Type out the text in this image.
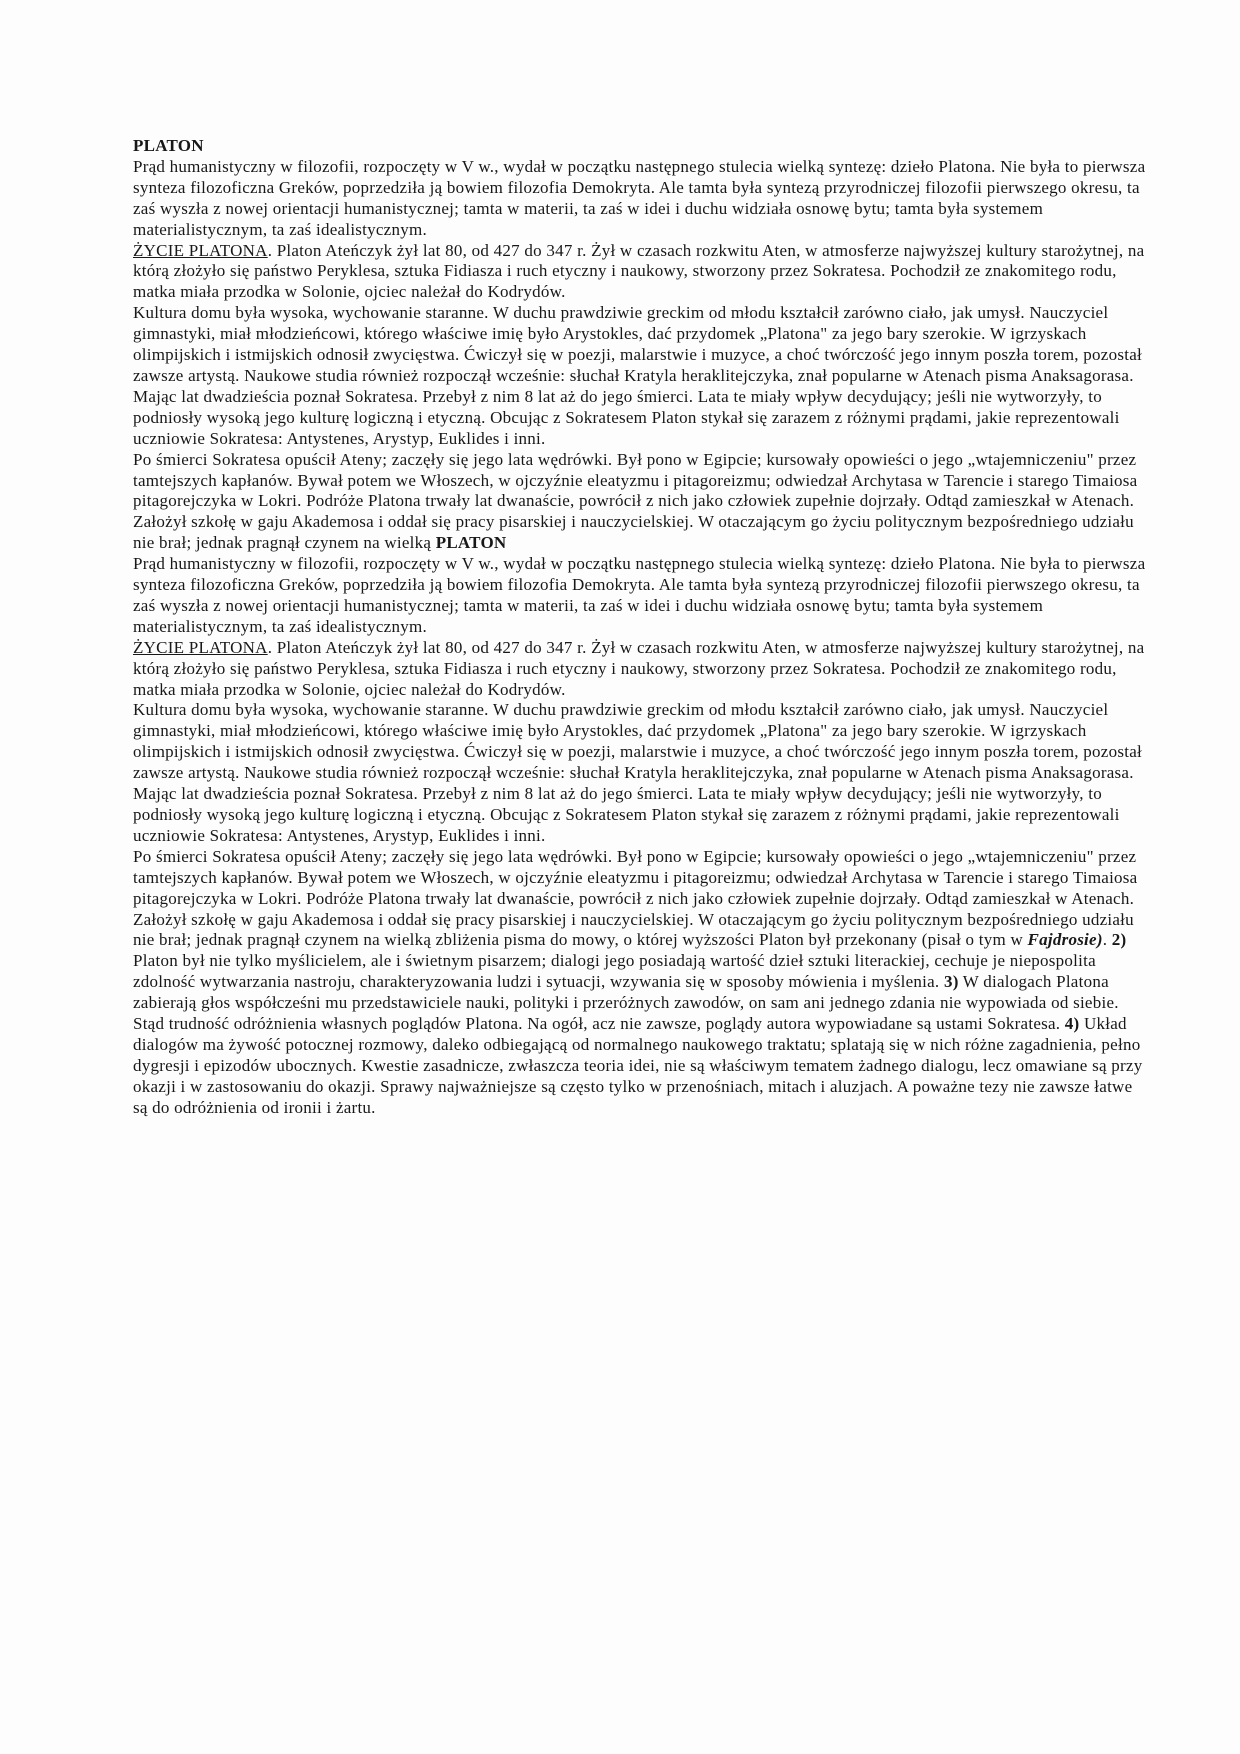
PLATON

Prąd humanistyczny w filozofii, rozpoczęty w V w., wydał w początku następnego stulecia wielką syntezę: dzieło Platona. Nie była to pierwsza synteza filozoficzna Greków, poprzedziła ją bowiem filozofia Demokryta. Ale tamta była syntezą przyrodniczej filozofii pierwszego okresu, ta zaś wyszła z nowej orientacji humanistycznej; tamta w materii, ta zaś w idei i duchu widziała osnowę bytu; tamta była systemem materialistycznym, ta zaś idealistycznym.

ŻYCIE PLATONA. Platon Ateńczyk żył lat 80, od 427 do 347 r. Żył w czasach rozkwitu Aten, w atmosferze najwyższej kultury starożytnej, na którą złożyło się państwo Peryklesa, sztuka Fidiasza i ruch etyczny i naukowy, stworzony przez Sokratesa. Pochodził ze znakomitego rodu, matka miała przodka w Solonie, ojciec należał do Kodrydów.

Kultura domu była wysoka, wychowanie staranne. W duchu prawdziwie greckim od młodu kształcił zarówno ciało, jak umysł. Nauczyciel gimnastyki, miał młodzieńcowi, którego właściwe imię było Arystokles, dać przydomek „Platona" za jego bary szerokie. W igrzyskach olimpijskich i istmijskich odnosił zwycięstwa. Ćwiczył się w poezji, malarstwie i muzyce, a choć twórczość jego innym poszła torem, pozostał zawsze artystą. Naukowe studia również rozpoczął wcześnie: słuchał Kratyla heraklitejczyka, znał popularne w Atenach pisma Anaksagorasa. Mając lat dwadzieścia poznał Sokratesa. Przebył z nim 8 lat aż do jego śmierci. Lata te miały wpływ decydujący; jeśli nie wytworzyły, to podniosły wysoką jego kulturę logiczną i etyczną. Obcując z Sokratesem Platon stykał się zarazem z różnymi prądami, jakie reprezentowali uczniowie Sokratesa: Antystenes, Arystyp, Euklides i inni.

Po śmierci Sokratesa opuścił Ateny; zaczęły się jego lata wędrówki. Był pono w Egipcie; kursowały opowieści o jego „wtajemniczeniu" przez tamtejszych kapłanów. Bywał potem we Włoszech, w ojczyźnie eleatyzmu i pitagoreizmu; odwiedzał Archytasa w Tarencie i starego Timaiosa pitagorejczyka w Lokri. Podróże Platona trwały lat dwanaście, powrócił z nich jako człowiek zupełnie dojrzały. Odtąd zamieszkał w Atenach. Założył szkołę w gaju Akademosa i oddał się pracy pisarskiej i nauczycielskiej. W otaczającym go życiu politycznym bezpośredniego udziału nie brał; jednak pragnął czynem na wielką PLATON

Prąd humanistyczny w filozofii, rozpoczęty w V w., wydał w początku następnego stulecia wielką syntezę: dzieło Platona. Nie była to pierwsza synteza filozoficzna Greków, poprzedziła ją bowiem filozofia Demokryta. Ale tamta była syntezą przyrodniczej filozofii pierwszego okresu, ta zaś wyszła z nowej orientacji humanistycznej; tamta w materii, ta zaś w idei i duchu widziała osnowę bytu; tamta była systemem materialistycznym, ta zaś idealistycznym.

ŻYCIE PLATONA. Platon Ateńczyk żył lat 80, od 427 do 347 r. Żył w czasach rozkwitu Aten, w atmosferze najwyższej kultury starożytnej, na którą złożyło się państwo Peryklesa, sztuka Fidiasza i ruch etyczny i naukowy, stworzony przez Sokratesa. Pochodził ze znakomitego rodu, matka miała przodka w Solonie, ojciec należał do Kodrydów.

Kultura domu była wysoka, wychowanie staranne. W duchu prawdziwie greckim od młodu kształcił zarówno ciało, jak umysł. Nauczyciel gimnastyki, miał młodzieńcowi, którego właściwe imię było Arystokles, dać przydomek „Platona" za jego bary szerokie. W igrzyskach olimpijskich i istmijskich odnosił zwycięstwa. Ćwiczył się w poezji, malarstwie i muzyce, a choć twórczość jego innym poszła torem, pozostał zawsze artystą. Naukowe studia również rozpoczął wcześnie: słuchał Kratyla heraklitejczyka, znał popularne w Atenach pisma Anaksagorasa. Mając lat dwadzieścia poznał Sokratesa. Przebył z nim 8 lat aż do jego śmierci. Lata te miały wpływ decydujący; jeśli nie wytworzyły, to podniosły wysoką jego kulturę logiczną i etyczną. Obcując z Sokratesem Platon stykał się zarazem z różnymi prądami, jakie reprezentowali uczniowie Sokratesa: Antystenes, Arystyp, Euklides i inni.

Po śmierci Sokratesa opuścił Ateny; zaczęły się jego lata wędrówki. Był pono w Egipcie; kursowały opowieści o jego „wtajemniczeniu" przez tamtejszych kapłanów. Bywał potem we Włoszech, w ojczyźnie eleatyzmu i pitagoreizmu; odwiedzał Archytasa w Tarencie i starego Timaiosa pitagorejczyka w Lokri. Podróże Platona trwały lat dwanaście, powrócił z nich jako człowiek zupełnie dojrzały. Odtąd zamieszkał w Atenach. Założył szkołę w gaju Akademosa i oddał się pracy pisarskiej i nauczycielskiej. W otaczającym go życiu politycznym bezpośredniego udziału nie brał; jednak pragnął czynem na wielką zbliżenia pisma do mowy, o której wyższości Platon był przekonany (pisał o tym w Fajdrosie). 2) Platon był nie tylko myślicielem, ale i świetnym pisarzem; dialogi jego posiadają wartość dzieł sztuki literackiej, cechuje je niepospolita zdolność wytwarzania nastroju, charakteryzowania ludzi i sytuacji, wzywania się w sposoby mówienia i myślenia. 3) W dialogach Platona zabierają głos współcześni mu przedstawiciele nauki, polityki i przeróżnych zawodów, on sam ani jednego zdania nie wypowiada od siebie. Stąd trudność odróżnienia własnych poglądów Platona. Na ogół, acz nie zawsze, poglądy autora wypowiadane są ustami Sokratesa. 4) Układ dialogów ma żywość potocznej rozmowy, daleko odbiegającą od normalnego naukowego traktatu; splatają się w nich różne zagadnienia, pełno dygresji i epizodów ubocznych. Kwestie zasadnicze, zwłaszcza teoria idei, nie są właściwym tematem żadnego dialogu, lecz omawiane są przy okazji i w zastosowaniu do okazji. Sprawy najważniejsze są często tylko w przenośniach, mitach i aluzjach. A poważne tezy nie zawsze łatwe są do odróżnienia od ironii i żartu.
